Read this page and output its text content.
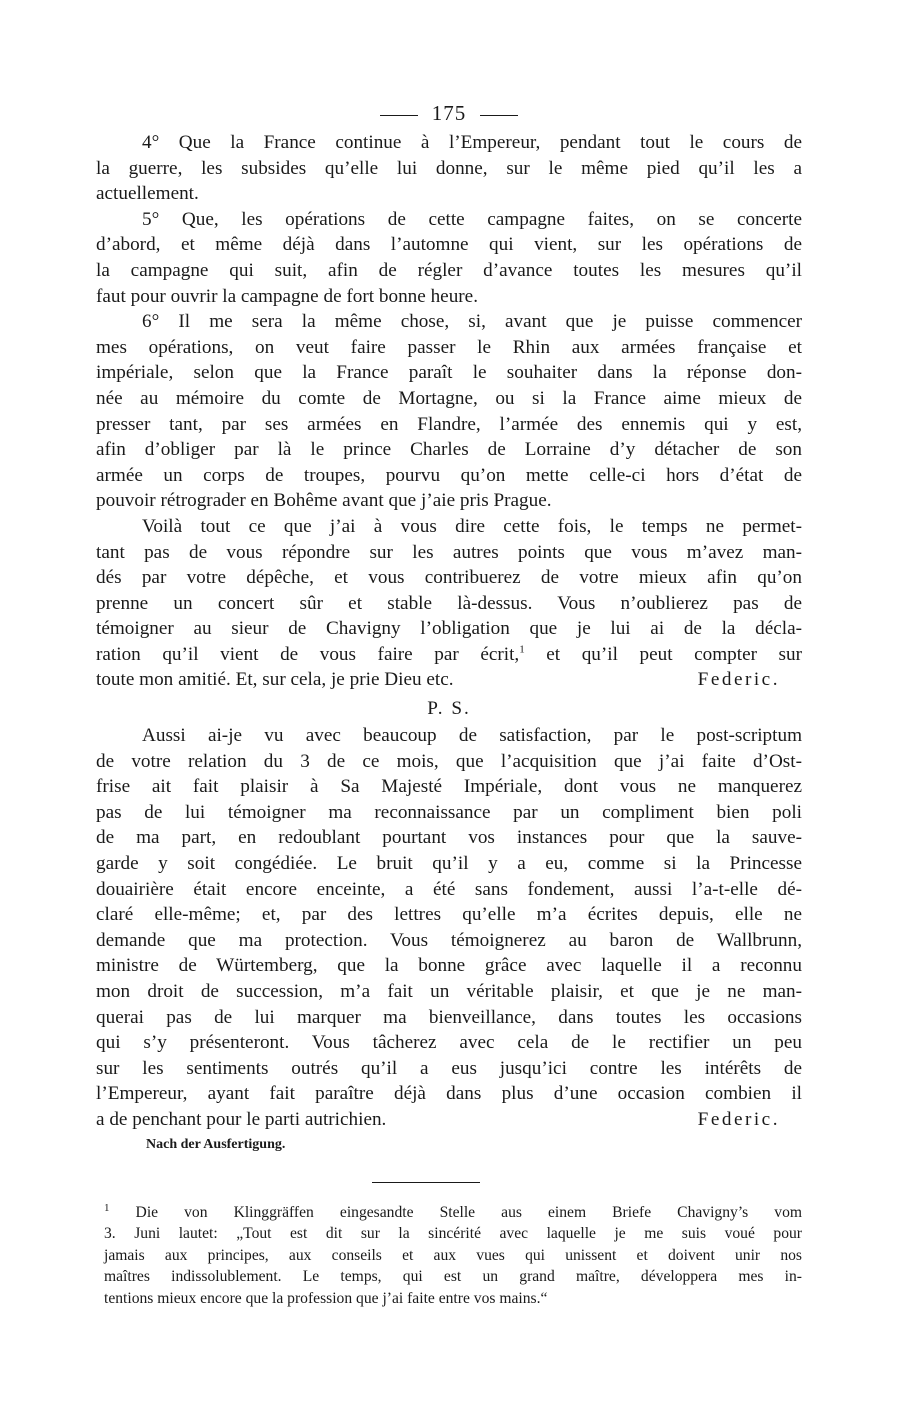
175
4° Que la France continue à l’Empereur, pendant tout le cours de
la guerre, les subsides qu’elle lui donne, sur le même pied qu’il les a
actuellement.
5° Que, les opérations de cette campagne faites, on se concerte
d’abord, et même déjà dans l’automne qui vient, sur les opérations de
la campagne qui suit, afin de régler d’avance toutes les mesures qu’il
faut pour ouvrir la campagne de fort bonne heure.
6° Il me sera la même chose, si, avant que je puisse commencer
mes opérations, on veut faire passer le Rhin aux armées française et
impériale, selon que la France paraît le souhaiter dans la réponse don-
née au mémoire du comte de Mortagne, ou si la France aime mieux de
presser tant, par ses armées en Flandre, l’armée des ennemis qui y est,
afin d’obliger par là le prince Charles de Lorraine d’y détacher de son
armée un corps de troupes, pourvu qu’on mette celle-ci hors d’état de
pouvoir rétrograder en Bohême avant que j’aie pris Prague.
Voilà tout ce que j’ai à vous dire cette fois, le temps ne permet-
tant pas de vous répondre sur les autres points que vous m’avez man-
dés par votre dépêche, et vous contribuerez de votre mieux afin qu’on
prenne un concert sûr et stable là-dessus. Vous n’oublierez pas de
témoigner au sieur de Chavigny l’obligation que je lui ai de la décla-
ration qu’il vient de vous faire par écrit,$^1$ et qu’il peut compter sur
toute mon amitié. Et, sur cela, je prie Dieu etc.	Federic.
P. S.
Aussi ai-je vu avec beaucoup de satisfaction, par le post-scriptum
de votre relation du 3 de ce mois, que l’acquisition que j’ai faite d’Ost-
frise ait fait plaisir à Sa Majesté Impériale, dont vous ne manquerez
pas de lui témoigner ma reconnaissance par un compliment bien poli
de ma part, en redoublant pourtant vos instances pour que la sauve-
garde y soit congédiée. Le bruit qu’il y a eu, comme si la Princesse
douairière était encore enceinte, a été sans fondement, aussi l’a-t-elle dé-
claré elle-même; et, par des lettres qu’elle m’a écrites depuis, elle ne
demande que ma protection. Vous témoignerez au baron de Wallbrunn,
ministre de Würtemberg, que la bonne grâce avec laquelle il a reconnu
mon droit de succession, m’a fait un véritable plaisir, et que je ne man-
querai pas de lui marquer ma bienveillance, dans toutes les occasions
qui s’y présenteront. Vous tâcherez avec cela de le rectifier un peu
sur les sentiments outrés qu’il a eus jusqu’ici contre les intérêts de
l’Empereur, ayant fait paraître déjà dans plus d’une occasion combien il
a de penchant pour le parti autrichien.	Federic.
Nach der Ausfertigung.
$^1$ Die von Klinggräffen eingesandte Stelle aus einem Briefe Chavigny’s vom
3. Juni lautet: „Tout est dit sur la sincérité avec laquelle je me suis voué pour
jamais aux principes, aux conseils et aux vues qui unissent et doivent unir nos
maîtres indissolublement. Le temps, qui est un grand maître, développera mes in-
tentions mieux encore que la profession que j’ai faite entre vos mains.“
